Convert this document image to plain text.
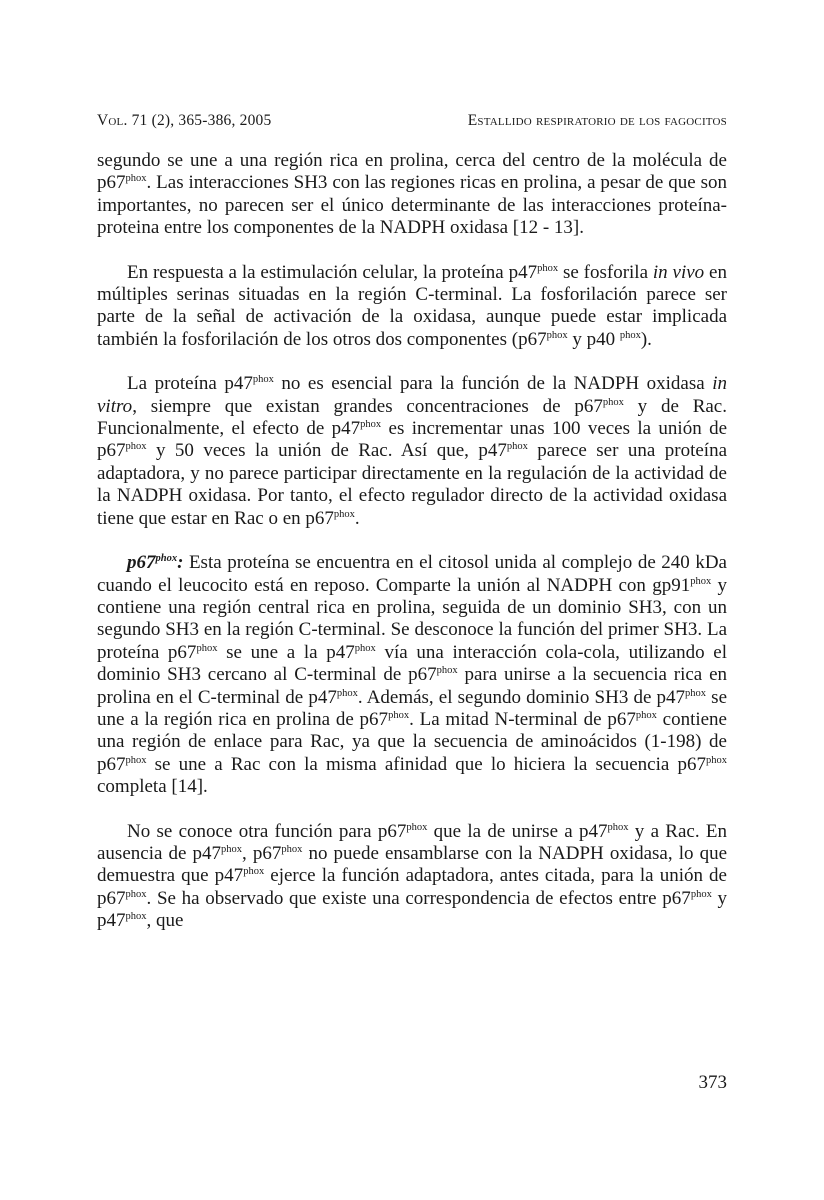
Vol. 71 (2), 365-386, 2005	Estallido respiratorio de los fagocitos

segundo se une a una región rica en prolina, cerca del centro de la molécula de $p67^{phox}$. Las interacciones SH3 con las regiones ricas en prolina, a pesar de que son importantes, no parecen ser el único determinante de las interacciones proteína-proteina entre los componentes de la NADPH oxidasa [12 - 13].

En respuesta a la estimulación celular, la proteína $p47^{phox}$ se fosforila in vivo en múltiples serinas situadas en la región C-terminal. La fosforilación parece ser parte de la señal de activación de la oxidasa, aunque puede estar implicada también la fosforilación de los otros dos componentes ($p67^{phox}$ y p40 $^{phox}$).

La proteína $p47^{phox}$ no es esencial para la función de la NADPH oxidasa in vitro, siempre que existan grandes concentraciones de $p67^{phox}$ y de Rac. Funcionalmente, el efecto de $p47^{phox}$ es incrementar unas 100 veces la unión de $p67^{phox}$ y 50 veces la unión de Rac. Así que, $p47^{phox}$ parece ser una proteína adaptadora, y no parece participar directamente en la regulación de la actividad de la NADPH oxidasa. Por tanto, el efecto regulador directo de la actividad oxidasa tiene que estar en Rac o en $p67^{phox}$.

$p67^{phox}$: Esta proteína se encuentra en el citosol unida al complejo de 240 kDa cuando el leucocito está en reposo. Comparte la unión al NADPH con $gp91^{phox}$ y contiene una región central rica en prolina, seguida de un dominio SH3, con un segundo SH3 en la región C-terminal. Se desconoce la función del primer SH3. La proteína $p67^{phox}$ se une a la $p47^{phox}$ vía una interacción cola-cola, utilizando el dominio SH3 cercano al C-terminal de $p67^{phox}$ para unirse a la secuencia rica en prolina en el C-terminal de $p47^{phox}$. Además, el segundo dominio SH3 de $p47^{phox}$ se une a la región rica en prolina de $p67^{phox}$. La mitad N-terminal de $p67^{phox}$ contiene una región de enlace para Rac, ya que la secuencia de aminoácidos (1-198) de $p67^{phox}$ se une a Rac con la misma afinidad que lo hiciera la secuencia $p67^{phox}$ completa [14].

No se conoce otra función para $p67^{phox}$ que la de unirse a $p47^{phox}$ y a Rac. En ausencia de $p47^{phox}$, $p67^{phox}$ no puede ensamblarse con la NADPH oxidasa, lo que demuestra que $p47^{phox}$ ejerce la función adaptadora, antes citada, para la unión de $p67^{phox}$. Se ha observado que existe una correspondencia de efectos entre $p67^{phox}$ y $p47^{phox}$, que

373
